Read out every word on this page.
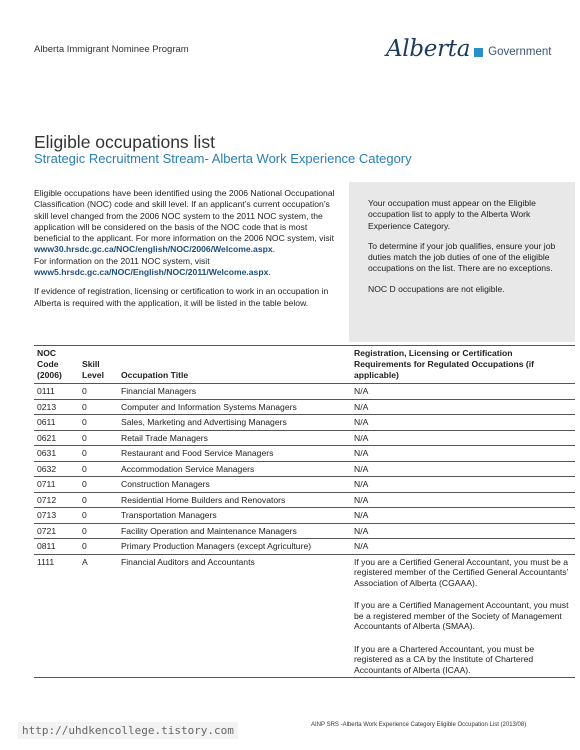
Alberta Immigrant Nominee Program	Alberta Government
Eligible occupations list
Strategic Recruitment Stream- Alberta Work Experience Category

Eligible occupations have been identified using the 2006 National Occupational Classification (NOC) code and skill level. If an applicant’s current occupation’s skill level changed from the 2006 NOC system to the 2011 NOC system, the application will be considered on the basis of the NOC code that is most beneficial to the applicant. For more information on the 2006 NOC system, visit www30.hrsdc.gc.ca/NOC/english/NOC/2006/Welcome.aspx.
For information on the 2011 NOC system, visit
www5.hrsdc.gc.ca/NOC/English/NOC/2011/Welcome.aspx.

If evidence of registration, licensing or certification to work in an occupation in Alberta is required with the application, it will be listed in the table below.

Your occupation must appear on the Eligible occupation list to apply to the Alberta Work Experience Category.

To determine if your job qualifies, ensure your job duties match the job duties of one of the eligible occupations on the list. There are no exceptions.

NOC D occupations are not eligible.

NOC Code (2006)	Skill Level	Occupation Title	Registration, Licensing or Certification Requirements for Regulated Occupations (if applicable)
0111	0	Financial Managers	N/A
0213	0	Computer and Information Systems Managers	N/A
0611	0	Sales, Marketing and Advertising Managers	N/A
0621	0	Retail Trade Managers	N/A
0631	0	Restaurant and Food Service Managers	N/A
0632	0	Accommodation Service Managers	N/A
0711	0	Construction Managers	N/A
0712	0	Residential Home Builders and Renovators	N/A
0713	0	Transportation Managers	N/A
0721	0	Facility Operation and Maintenance Managers	N/A
0811	0	Primary Production Managers (except Agriculture)	N/A
1111	A	Financial Auditors and Accountants	If you are a Certified General Accountant, you must be a registered member of the Certified General Accountants’ Association of Alberta (CGAAA).
If you are a Certified Management Accountant, you must be a registered member of the Society of Management Accountants of Alberta (SMAA).
If you are a Chartered Accountant, you must be registered as a CA by the Institute of Chartered Accountants of Alberta (ICAA).
http://uhdkencollege.tistory.com	AINP SRS -Alberta Work Experience Category Eligible Occupation List (2013/08)
